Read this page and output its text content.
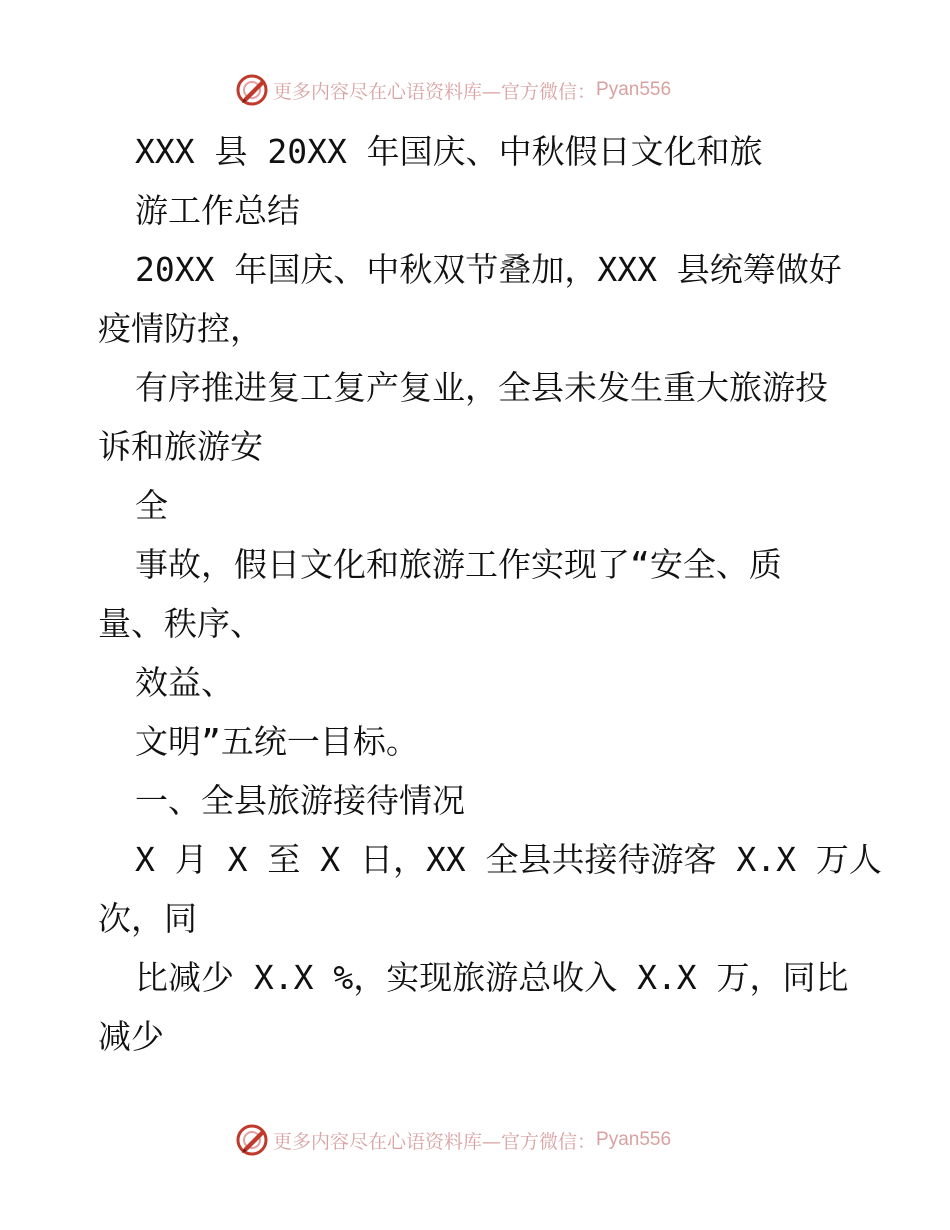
更多内容尽在心语资料库—官方微信： Pyan556
XXX 县 20XX 年国庆、中秋假日文化和旅
游工作总结
20XX 年国庆、中秋双节叠加，XXX 县统筹做好
疫情防控，
有序推进复工复产复业，全县未发生重大旅游投
诉和旅游安
全
事故，假日文化和旅游工作实现了“安全、质
量、秩序、
效益、
文明”五统一目标。
一、全县旅游接待情况
X 月 X 至 X 日，XX 全县共接待游客 X.X 万人
次，同
比减少 X.X %，实现旅游总收入 X.X 万，同比
减少
更多内容尽在心语资料库—官方微信： Pyan556
